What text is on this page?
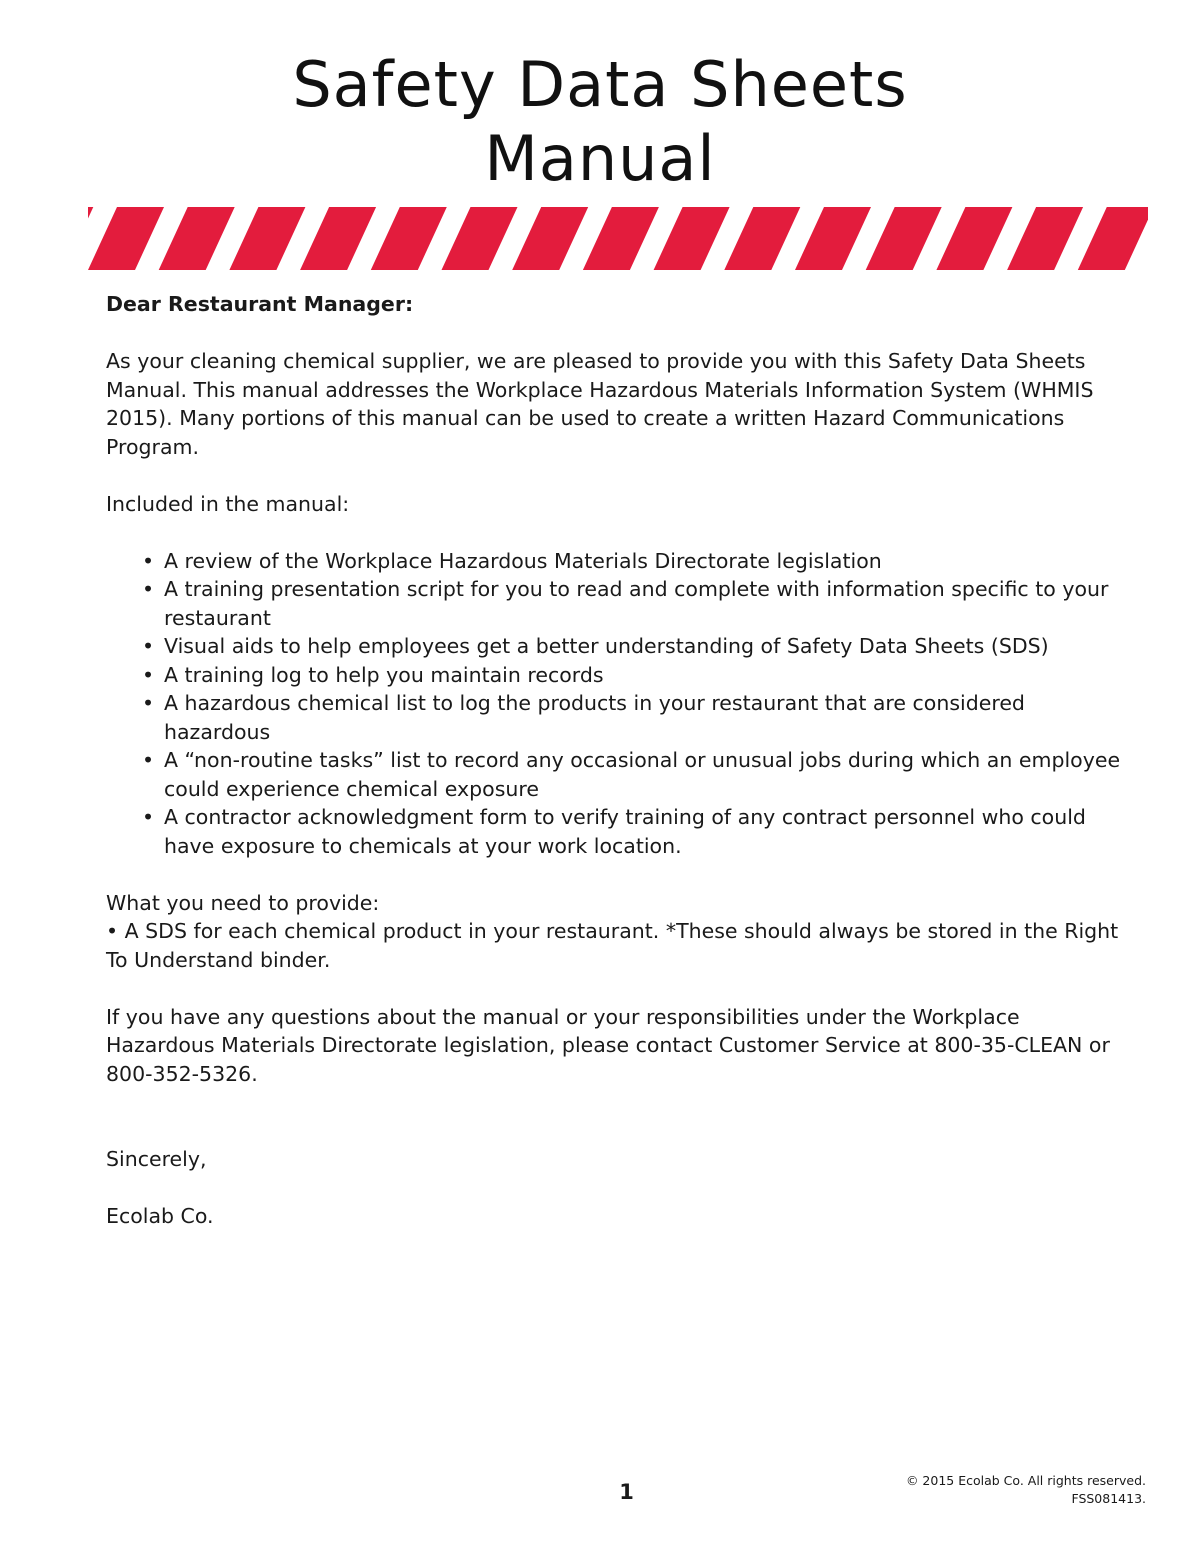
Safety Data Sheets
Manual

Dear Restaurant Manager:

As your cleaning chemical supplier, we are pleased to provide you with this Safety Data Sheets Manual. This manual addresses the Workplace Hazardous Materials Information System (WHMIS 2015). Many portions of this manual can be used to create a written Hazard Communications Program.

Included in the manual:

• A review of the Workplace Hazardous Materials Directorate legislation
• A training presentation script for you to read and complete with information specific to your restaurant
• Visual aids to help employees get a better understanding of Safety Data Sheets (SDS)
• A training log to help you maintain records
• A hazardous chemical list to log the products in your restaurant that are considered hazardous
• A “non-routine tasks” list to record any occasional or unusual jobs during which an employee could experience chemical exposure
• A contractor acknowledgment form to verify training of any contract personnel who could have exposure to chemicals at your work location.
What you need to provide:
• A SDS for each chemical product in your restaurant. *These should always be stored in the Right To Understand binder.

If you have any questions about the manual or your responsibilities under the Workplace Hazardous Materials Directorate legislation, please contact Customer Service at 800-35-CLEAN or 800-352-5326.

Sincerely,

Ecolab Co.

1	© 2015 Ecolab Co. All rights reserved.
FSS081413.
